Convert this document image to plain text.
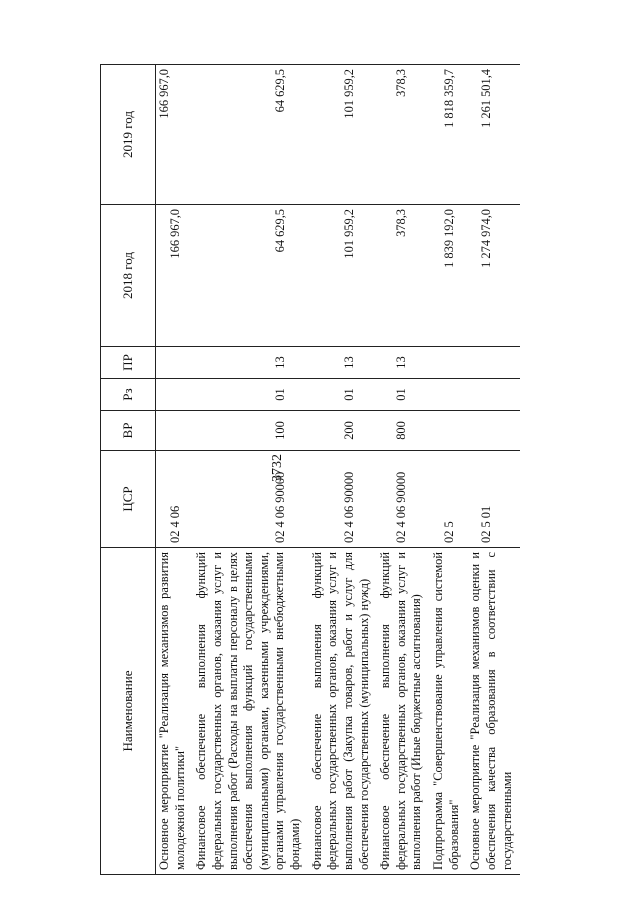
3732
Наименование	ЦСР	ВР	Рз	ПР	2018 год	2019 год
Основное мероприятие "Реализация механизмов развития молодежной политики"	02 4 06				166 967,0	166 967,0
Финансовое обеспечение выполнения функций федеральных государственных органов, оказания услуг и выполнения работ (Расходы на выплаты персоналу в целях обеспечения выполнения функций государственными (муниципальными) органами, казенными учреждениями, органами управления государственными внебюджетными фондами)	02 4 06 90000	100	01	13	64 629,5	64 629,5
Финансовое обеспечение выполнения функций федеральных государственных органов, оказания услуг и выполнения работ (Закупка товаров, работ и услуг для обеспечения государственных (муниципальных) нужд)	02 4 06 90000	200	01	13	101 959,2	101 959,2
Финансовое обеспечение выполнения функций федеральных государственных органов, оказания услуг и выполнения работ (Иные бюджетные ассигнования)	02 4 06 90000	800	01	13	378,3	378,3
Подпрограмма "Совершенствование управления системой образования"	02 5				1 839 192,0	1 818 359,7
Основное мероприятие "Реализация механизмов оценки и обеспечения качества образования в соответствии с государственными	02 5 01				1 274 974,0	1 261 501,4
